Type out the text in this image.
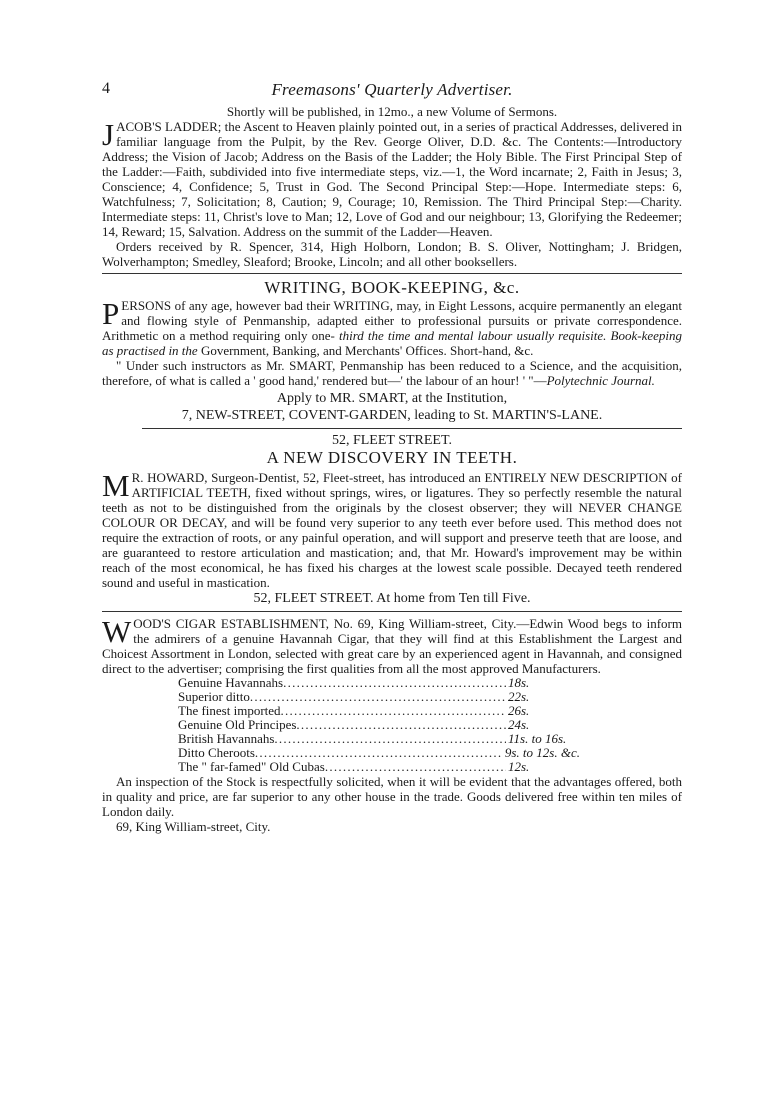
4	Freemasons' Quarterly Advertiser.

Shortly will be published, in 12mo., a new Volume of Sermons.

JACOB'S LADDER; the Ascent to Heaven plainly pointed out, in a series of practical Addresses, delivered in familiar language from the Pulpit, by the Rev. George Oliver, D.D. &c. The Contents:—Introductory Address; the Vision of Jacob; Address on the Basis of the Ladder; the Holy Bible. The First Principal Step of the Ladder:—Faith, subdivided into five intermediate steps, viz.—1, the Word incarnate; 2, Faith in Jesus; 3, Conscience; 4, Confidence; 5, Trust in God. The Second Principal Step:—Hope. Intermediate steps: 6, Watchfulness; 7, Solicitation; 8, Caution; 9, Courage; 10, Remission. The Third Principal Step:—Charity. Intermediate steps: 11, Christ's love to Man; 12, Love of God and our neighbour; 13, Glorifying the Redeemer; 14, Reward; 15, Salvation. Address on the summit of the Ladder—Heaven.

Orders received by R. Spencer, 314, High Holborn, London; B. S. Oliver, Nottingham; J. Bridgen, Wolverhampton; Smedley, Sleaford; Brooke, Lincoln; and all other booksellers.

WRITING, BOOK-KEEPING, &c.

PERSONS of any age, however bad their WRITING, may, in Eight Lessons, acquire permanently an elegant and flowing style of Penmanship, adapted either to professional pursuits or private correspondence. Arithmetic on a method requiring only one- third the time and mental labour usually requisite. Book-keeping as practised in the Government, Banking, and Merchants' Offices. Short-hand, &c.

" Under such instructors as Mr. SMART, Penmanship has been reduced to a Science, and the acquisition, therefore, of what is called a ' good hand,' rendered but—' the labour of an hour! ' "—Polytechnic Journal.

Apply to MR. SMART, at the Institution,

7, NEW-STREET, COVENT-GARDEN, leading to St. MARTIN'S-LANE.

52, FLEET STREET.

A NEW DISCOVERY IN TEETH.

M R. HOWARD, Surgeon-Dentist, 52, Fleet-street, has introduced an ENTIRELY NEW DESCRIPTION of ARTIFICIAL TEETH, fixed without springs, wires, or ligatures. They so perfectly resemble the natural teeth as not to be distinguished from the originals by the closest observer; they will NEVER CHANGE COLOUR OR DECAY, and will be found very superior to any teeth ever before used. This method does not require the extraction of roots, or any painful operation, and will support and preserve teeth that are loose, and are guaranteed to restore articulation and mastication; and, that Mr. Howard's improvement may be within reach of the most economical, he has fixed his charges at the lowest scale possible. Decayed teeth rendered sound and useful in mastication.

52, FLEET STREET. At home from Ten till Five.

WOOD'S CIGAR ESTABLISHMENT, No. 69, King William-street, City.—Edwin Wood begs to inform the admirers of a genuine Havannah Cigar, that they will find at this Establishment the Largest and Choicest Assortment in London, selected with great care by an experienced agent in Havannah, and consigned direct to the advertiser; comprising the first qualities from all the most approved Manufacturers.

Genuine Havannahs . . .	18s.
Superior ditto . . .	22s.
The finest imported . . .	26s.
Genuine Old Principes . . .	24s.
British Havannahs . . .	11s. to 16s.
Ditto Cheroots . . .	9s. to 12s. &c.
The " far-famed" Old Cubas . . .	12s.

An inspection of the Stock is respectfully solicited, when it will be evident that the advantages offered, both in quality and price, are far superior to any other house in the trade. Goods delivered free within ten miles of London daily.

69, King William-street, City.
